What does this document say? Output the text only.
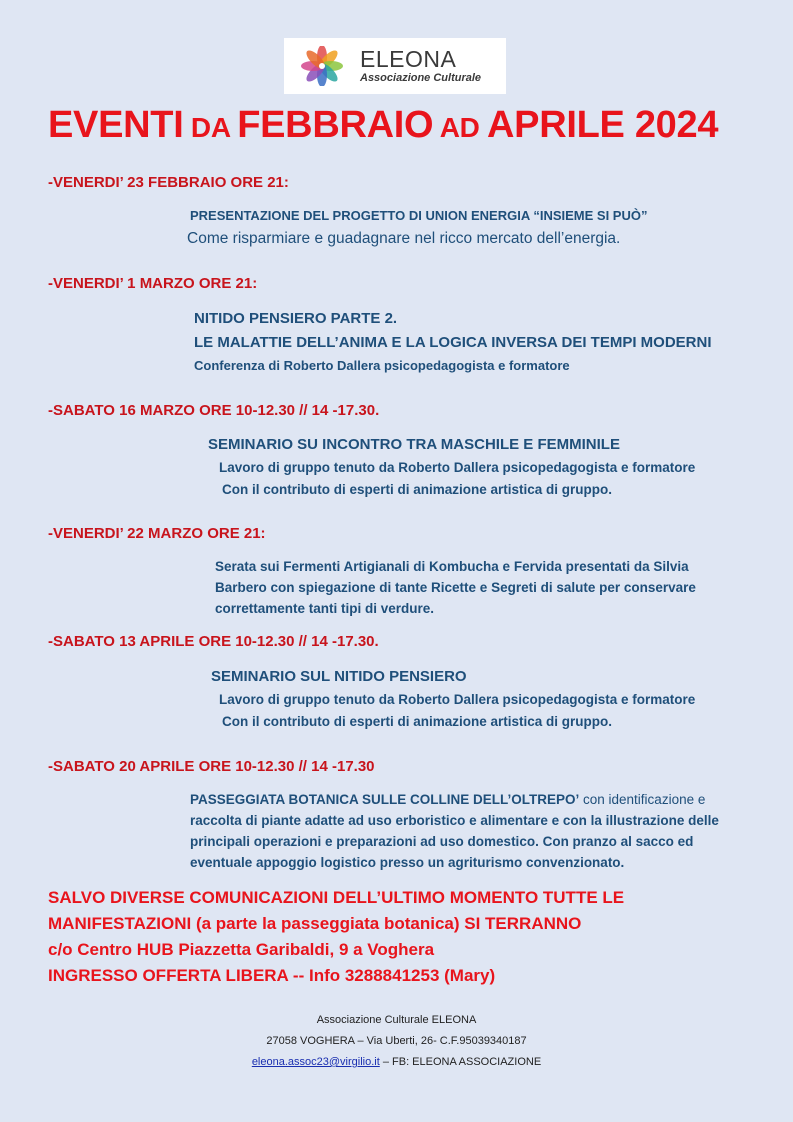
ELEONA
Associazione Culturale
EVENTI DA FEBBRAIO AD APRILE 2024

-VENERDI’ 23 FEBBRAIO ORE 21:

PRESENTAZIONE DEL PROGETTO DI UNION ENERGIA “INSIEME SI PUÒ”

Come risparmiare e guadagnare nel ricco mercato dell’energia.

-VENERDI’ 1 MARZO ORE 21:

NITIDO PENSIERO PARTE 2.

LE MALATTIE DELL’ANIMA E LA LOGICA INVERSA DEI TEMPI MODERNI

Conferenza di Roberto Dallera psicopedagogista e formatore

-SABATO 16 MARZO ORE 10-12.30 // 14 -17.30.

SEMINARIO SU INCONTRO TRA MASCHILE E FEMMINILE

Lavoro di gruppo tenuto da Roberto Dallera psicopedagogista e formatore

Con il contributo di esperti di animazione artistica di gruppo.

-VENERDI’ 22 MARZO ORE 21:

Serata sui Fermenti Artigianali di Kombucha e Fervida presentati da Silvia

Barbero con spiegazione di tante Ricette e Segreti di salute per conservare

correttamente tanti tipi di verdure.

-SABATO 13 APRILE ORE 10-12.30 // 14 -17.30.

SEMINARIO SUL NITIDO PENSIERO

Lavoro di gruppo tenuto da Roberto Dallera psicopedagogista e formatore

Con il contributo di esperti di animazione artistica di gruppo.

-SABATO 20 APRILE ORE 10-12.30 // 14 -17.30

PASSEGGIATA BOTANICA SULLE COLLINE DELL’OLTREPO’ con identificazione e

raccolta di piante adatte ad uso erboristico e alimentare e con la illustrazione delle

principali operazioni e preparazioni ad uso domestico. Con pranzo al sacco ed

eventuale appoggio logistico presso un agriturismo convenzionato.

SALVO DIVERSE COMUNICAZIONI DELL’ULTIMO MOMENTO TUTTE LE
MANIFESTAZIONI (a parte la passeggiata botanica) SI TERRANNO
c/o Centro HUB Piazzetta Garibaldi, 9 a Voghera
INGRESSO OFFERTA LIBERA -- Info 3288841253 (Mary)
Associazione Culturale ELEONA
27058 VOGHERA – Via Uberti, 26- C.F.95039340187
eleona.assoc23@virgilio.it – FB: ELEONA ASSOCIAZIONE
